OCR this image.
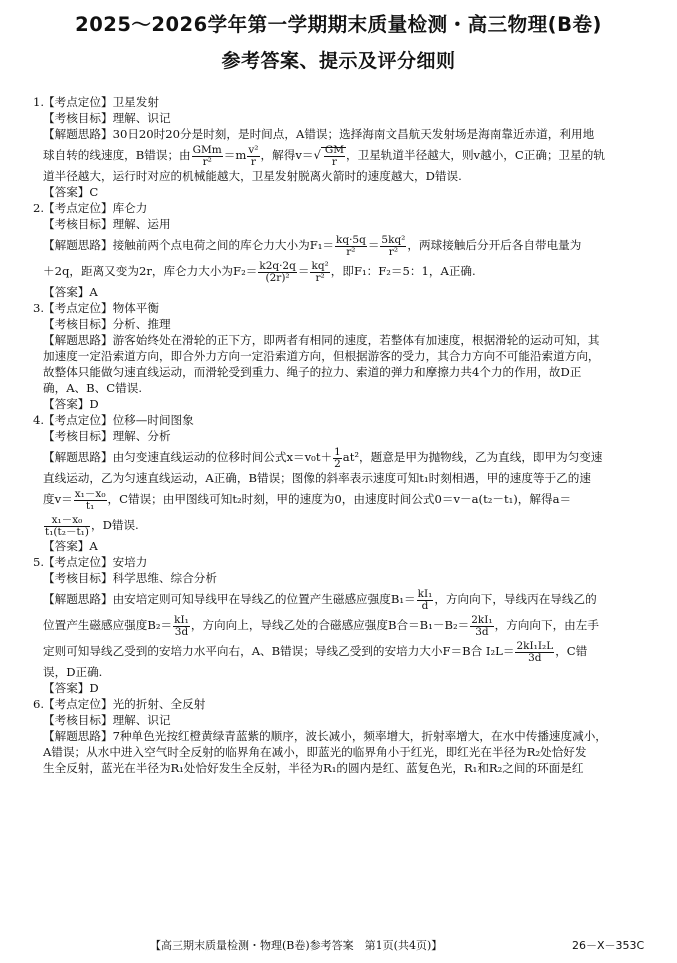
2025～2026学年第一学期期末质量检测・高三物理(B卷)
参考答案、提示及评分细则

1.【考点定位】卫星发射

【考核目标】理解、识记

【解题思路】30日20时20分是时刻，是时间点，A错误；选择海南文昌航天发射场是海南靠近赤道，利用地

球自转的线速度，B错误；由 $\frac{\text{GMm}}{\text{r²}} =m \frac{\text{v²}}{r}$ ，解得$v=√ \frac{GM}{r}$ ，卫星轨道半径越大，则v越小，C正确；卫星的轨

道半径越大，运行时对应的机械能越大，卫星发射脱离火箭时的速度越大，D错误.

【答案】C

2.【考点定位】库仑力

【考核目标】理解、运用

【解题思路】接触前两个点电荷之间的库仑力大小为$F_1= \frac{kq\cdot 5q}{\text{r²}} = \frac{\text{5kq²}}{\text{r²}}$ ，两球接触后分开后各自带电量为

＋2q，距离又变为2r，库仑力大小为$F_2= \frac{k2q\cdot 2q}{\text{(2r)²}} = \frac{\text{kq²}}{\text{r²}}$ ，即F₁：F₂＝5：1，A正确.

【答案】A

3.【考点定位】物体平衡

【考核目标】分析、推理

【解题思路】游客始终处在滑轮的正下方，即两者有相同的速度，若整体有加速度，根据滑轮的运动可知，其

加速度一定沿索道方向，即合外力方向一定沿索道方向，但根据游客的受力，其合力方向不可能沿索道方向，

故整体只能做匀速直线运动，而滑轮受到重力、绳子的拉力、索道的弹力和摩擦力共4个力的作用，故D正

确，A、B、C错误.

【答案】D

4.【考点定位】位移—时间图象

【考核目标】理解、分析

【解题思路】由匀变速直线运动的位移时间公式$x=v_0t+ \frac{1}{2} at^2$，题意是甲为抛物线，乙为直线，即甲为匀变速

直线运动，乙为匀速直线运动，A正确，B错误；图像的斜率表示速度可知t₁时刻相遇，甲的速度等于乙的速

度$v= \frac{\text{x₁－x₀}}{\text{t₁}}$ ，C错误；由甲图线可知t₂时刻，甲的速度为0，由速度时间公式0＝v－a(t₂－t₁)，解得a＝

$\frac{\text{x₁－x₀}}{\text{t₁(t₂－t₁)}}$ ，D错误.

【答案】A

5.【考点定位】安培力

【考核目标】科学思维、综合分析

【解题思路】由安培定则可知导线甲在导线乙的位置产生磁感应强度$B_1= \frac{\text{kI₁}}{d}$ ，方向向下，导线丙在导线乙的

位置产生磁感应强度$B_2= \frac{\text{kI₁}}{3d}$ ，方向向上，导线乙处的合磁感应强度B合$=B_1-B_2= \frac{\text{2kI₁}}{3d}$ ，方向向下，由左手

定则可知导线乙受到的安培力水平向右，A、B错误；导线乙受到的安培力大小F＝B合 $I_2L= \frac{\text{2kI₁I₂L}}{3d}$ ，C错

误，D正确.

【答案】D

6.【考点定位】光的折射、全反射

【考核目标】理解、识记

【解题思路】7种单色光按红橙黄绿青蓝紫的顺序，波长减小，频率增大，折射率增大，在水中传播速度减小，

A错误；从水中进入空气时全反射的临界角在减小，即蓝光的临界角小于红光，即红光在半径为R₂处恰好发

生全反射，蓝光在半径为R₁处恰好发生全反射，半径为R₁的圆内是红、蓝复色光，R₁和R₂之间的环面是红

【高三期末质量检测・物理(B卷)参考答案　第1页(共4页)】	26－X－353C
